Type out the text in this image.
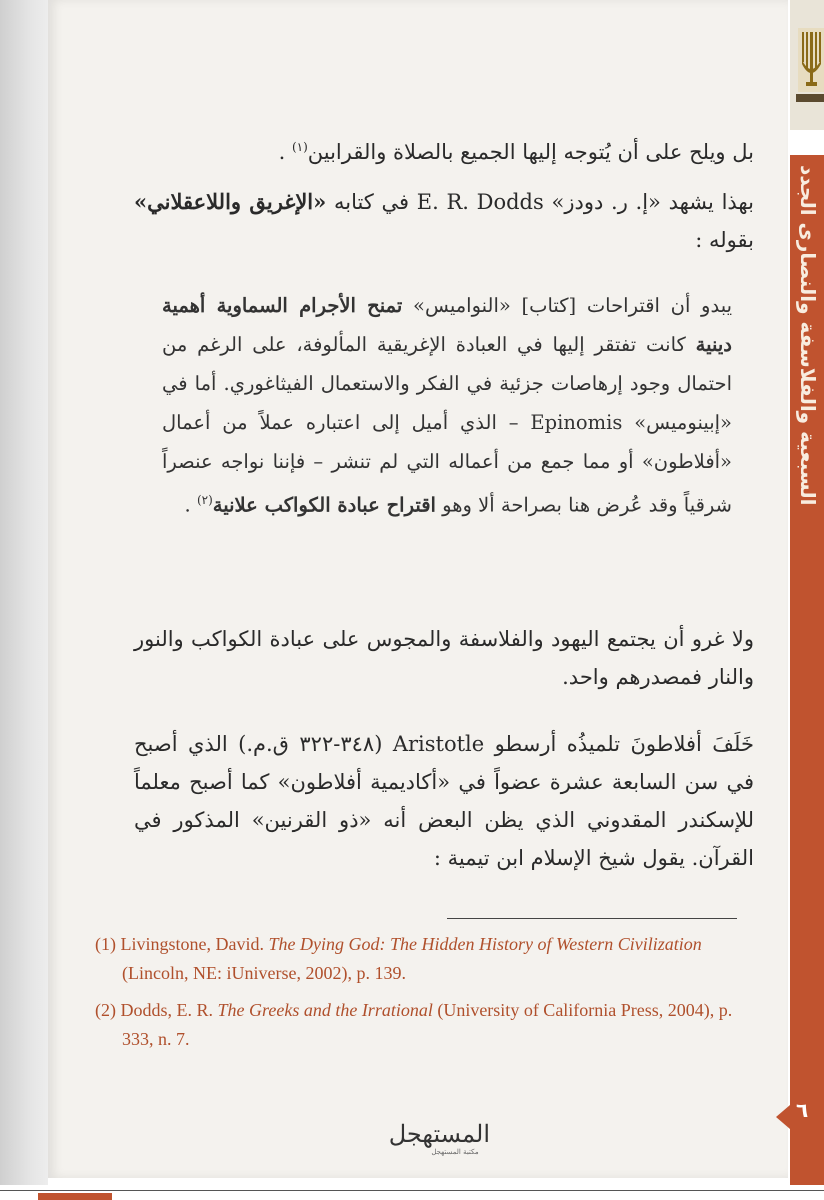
السبعية والفلاسفة والنصارى الجدد
٦
بل ويلح على أن يُتوجه إليها الجميع بالصلاة والقرابين$^{(١)}$ .
بهذا يشهد «إ. ر. دودز» E. R. Dodds في كتابه «الإغريق واللاعقلاني» بقوله :
يبدو أن اقتراحات [كتاب] «النواميس» تمنح الأجرام السماوية أهمية دينية كانت تفتقر إليها في العبادة الإغريقية المألوفة، على الرغم من احتمال وجود إرهاصات جزئية في الفكر والاستعمال الفيثاغوري. أما في «إبينوميس» Epinomis – الذي أميل إلى اعتباره عملاً من أعمال «أفلاطون» أو مما جمع من أعماله التي لم تنشر – فإننا نواجه عنصراً شرقياً وقد عُرض هنا بصراحة ألا وهو اقتراح عبادة الكواكب علانية$^{(٢)}$ .
ولا غرو أن يجتمع اليهود والفلاسفة والمجوس على عبادة الكواكب والنور والنار فمصدرهم واحد.
خَلَفَ أفلاطونَ تلميذُه أرسطو Aristotle (٣٤٨-٣٢٢ ق.م.) الذي أصبح في سن السابعة عشرة عضواً في «أكاديمية أفلاطون» كما أصبح معلماً للإسكندر المقدوني الذي يظن البعض أنه «ذو القرنين» المذكور في القرآن. يقول شيخ الإسلام ابن تيمية :

(1) Livingstone, David. The Dying God: The Hidden History of Western Civilization (Lincoln, NE: iUniverse, 2002), p. 139.

(2) Dodds, E. R. The Greeks and the Irrational (University of California Press, 2004), p. 333, n. 7.

المستهجل
مكتبة المستهجل
